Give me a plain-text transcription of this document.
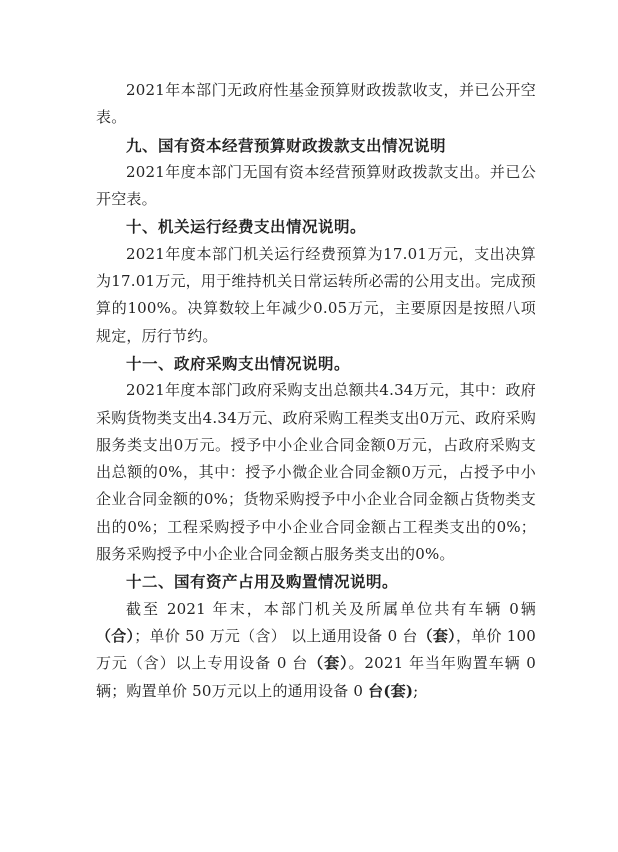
2021年本部门无政府性基金预算财政拨款收支，并已公开空表。

九、国有资本经营预算财政拨款支出情况说明

2021年度本部门无国有资本经营预算财政拨款支出。并已公开空表。

十、机关运行经费支出情况说明。

2021年度本部门机关运行经费预算为17.01万元，支出决算为17.01万元，用于维持机关日常运转所必需的公用支出。完成预算的100%。决算数较上年减少0.05万元，主要原因是按照八项规定，厉行节约。

十一、政府采购支出情况说明。

2021年度本部门政府采购支出总额共4.34万元，其中：政府采购货物类支出4.34万元、政府采购工程类支出0万元、政府采购服务类支出0万元。授予中小企业合同金额0万元，占政府采购支出总额的0%，其中：授予小微企业合同金额0万元，占授予中小企业合同金额的0%；货物采购授予中小企业合同金额占货物类支出的0%；工程采购授予中小企业合同金额占工程类支出的0%；服务采购授予中小企业合同金额占服务类支出的0%。

十二、国有资产占用及购置情况说明。

截至 2021 年末，本部门机关及所属单位共有车辆 0辆（合）；单价 50 万元（含） 以上通用设备 0 台（套），单价 100 万元（含）以上专用设备 0 台（套）。2021 年当年购置车辆 0 辆；购置单价 50万元以上的通用设备 0 台(套);
